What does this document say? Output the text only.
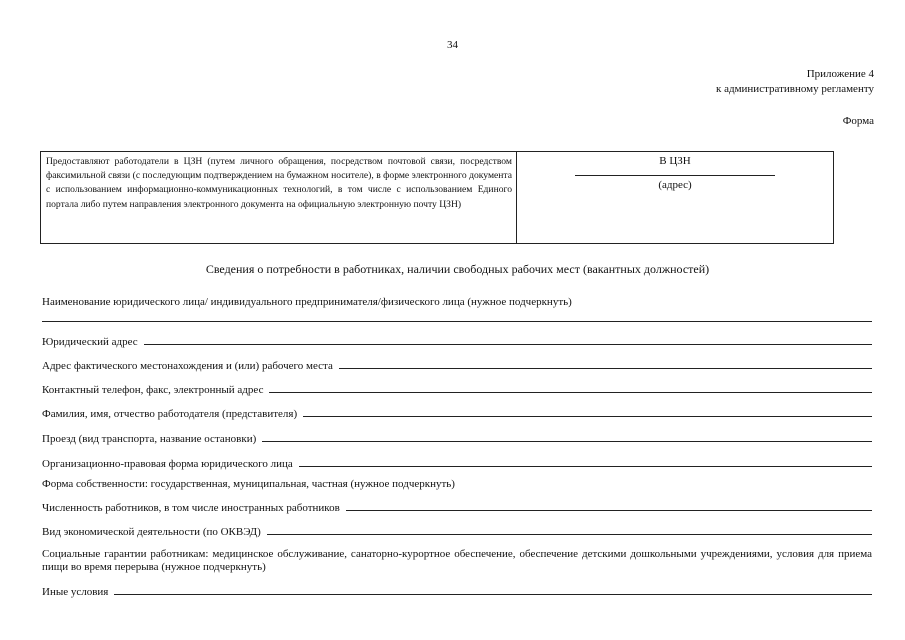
34
Приложение 4
к административному регламенту
Форма
Предоставляют работодатели в ЦЗН (путем личного обращения, посредством почтовой связи, посредством факсимильной связи (с последующим подтверждением на бумажном носителе), в форме электронного документа с использованием информационно-коммуникационных технологий, в том числе с использованием Единого портала либо путем направления электронного документа на официальную электронную почту ЦЗН)
В ЦЗН
(адрес)
Сведения о потребности в работниках, наличии свободных рабочих мест (вакантных должностей)
Наименование юридического лица/ индивидуального предпринимателя/физического лица (нужное подчеркнуть)
Юридический адрес
Адрес фактического местонахождения и (или) рабочего места
Контактный телефон, факс, электронный адрес
Фамилия, имя, отчество работодателя (представителя)
Проезд (вид транспорта, название остановки)
Организационно-правовая форма юридического лица
Форма собственности: государственная, муниципальная, частная (нужное подчеркнуть)
Численность работников, в том числе иностранных работников
Вид экономической деятельности (по ОКВЭД)
Социальные гарантии работникам: медицинское обслуживание, санаторно-курортное обеспечение, обеспечение детскими дошкольными учреждениями, условия для приема пищи во время перерыва (нужное подчеркнуть)
Иные условия
